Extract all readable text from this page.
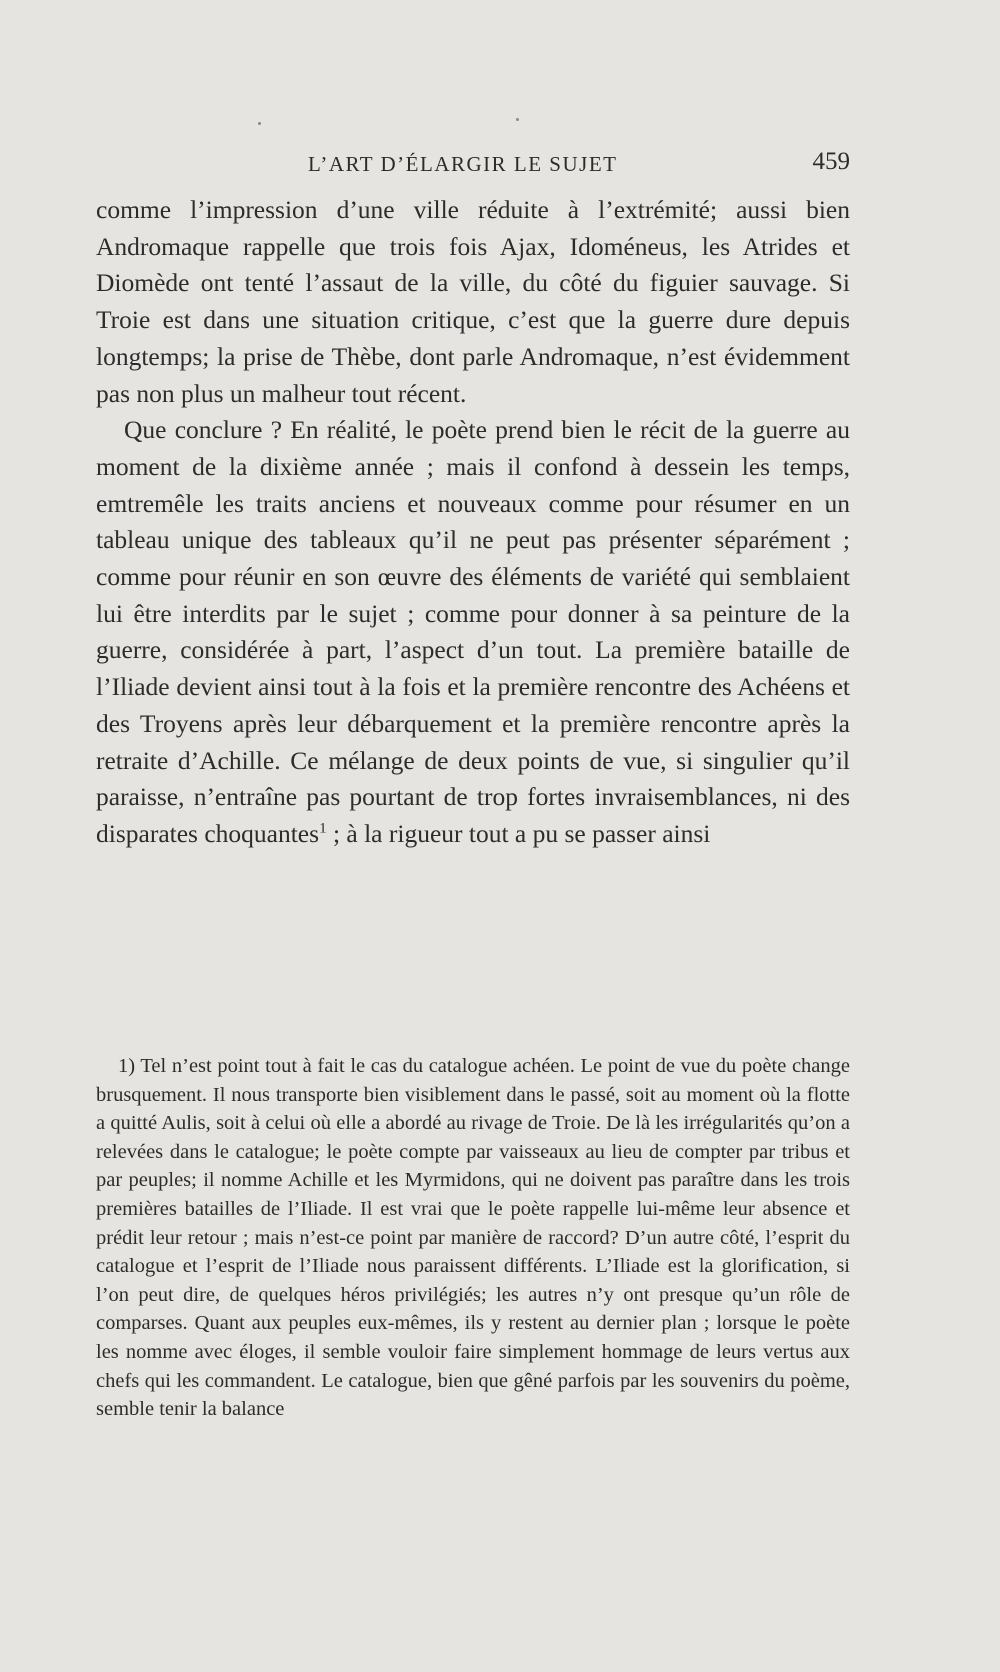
L’ART D’ÉLARGIR LE SUJET	459

comme l’impression d’une ville réduite à l’extrémité; aussi bien Andromaque rappelle que trois fois Ajax, Idoméneus, les Atrides et Diomède ont tenté l’assaut de la ville, du côté du figuier sauvage. Si Troie est dans une situation critique, c’est que la guerre dure depuis longtemps; la prise de Thèbe, dont parle Andromaque, n’est évidemment pas non plus un malheur tout récent.

Que conclure ? En réalité, le poète prend bien le récit de la guerre au moment de la dixième année ; mais il confond à dessein les temps, emtremêle les traits anciens et nouveaux comme pour résumer en un tableau unique des tableaux qu’il ne peut pas présenter séparément ; comme pour réunir en son œuvre des éléments de variété qui semblaient lui être interdits par le sujet ; comme pour donner à sa peinture de la guerre, considérée à part, l’aspect d’un tout. La première bataille de l’Iliade devient ainsi tout à la fois et la première rencontre des Achéens et des Troyens après leur débarquement et la première rencontre après la retraite d’Achille. Ce mélange de deux points de vue, si singulier qu’il paraisse, n’entraîne pas pourtant de trop fortes invraisemblances, ni des disparates choquantes$^1$ ; à la rigueur tout a pu se passer ainsi

1) Tel n’est point tout à fait le cas du catalogue achéen. Le point de vue du poète change brusquement. Il nous transporte bien visiblement dans le passé, soit au moment où la flotte a quitté Aulis, soit à celui où elle a abordé au rivage de Troie. De là les irrégularités qu’on a relevées dans le catalogue; le poète compte par vaisseaux au lieu de compter par tribus et par peuples; il nomme Achille et les Myrmidons, qui ne doivent pas paraître dans les trois premières batailles de l’Iliade. Il est vrai que le poète rappelle lui-même leur absence et prédit leur retour ; mais n’est-ce point par manière de raccord? D’un autre côté, l’esprit du catalogue et l’esprit de l’Iliade nous paraissent différents. L’Iliade est la glorification, si l’on peut dire, de quelques héros privilégiés; les autres n’y ont presque qu’un rôle de comparses. Quant aux peuples eux-mêmes, ils y restent au dernier plan ; lorsque le poète les nomme avec éloges, il semble vouloir faire simplement hommage de leurs vertus aux chefs qui les commandent. Le catalogue, bien que gêné parfois par les souvenirs du poème, semble tenir la balance
